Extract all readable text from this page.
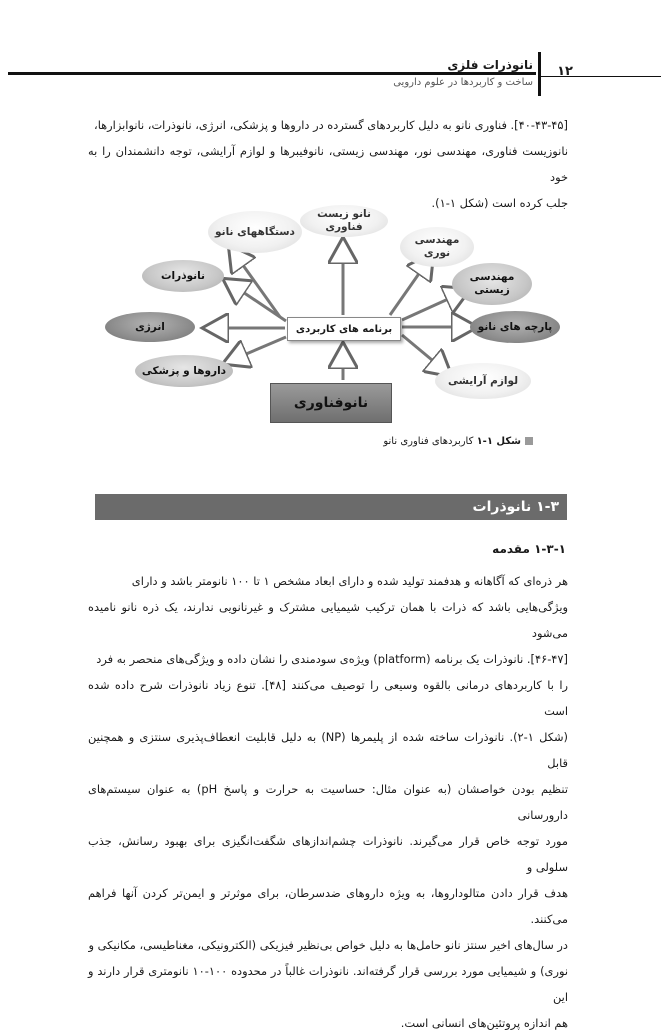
۱۲
نانوذرات فلزی
ساخت و کاربردها در علوم دارویی

[۴۰-۴۳-۴۵]. فناوری نانو به دلیل کاربردهای گسترده در داروها و پزشکی، انرژی، نانوذرات، نانوابزارها،

نانوزیست فناوری، مهندسی نور، مهندسی زیستی، نانوفیبرها و لوازم آرایشی، توجه دانشمندان را به خود

جلب کرده است (شکل ۱-۱).

دستگاههای نانو
نانو زیست فناوری
مهندسی نوری
مهندسی زیستی
پارچه های نانو
لوازم آرایشی
داروها و پزشکی
انرژی
نانوذرات
برنامه های کاربردی
نانوفناوری
شکل ۱-۱ کاربردهای فناوری نانو
۱-۳ نانوذرات
۱-۳-۱ مقدمه

هر ذره‌ای که آگاهانه و هدفمند تولید شده و دارای ابعاد مشخص ۱ تا ۱۰۰ نانومتر باشد و دارای

ویژگی‌هایی باشد که ذرات با همان ترکیب شیمیایی مشترک و غیرنانویی ندارند، یک ذره نانو نامیده می‌شود

[۴۶-۴۷]. نانوذرات یک برنامه (platform) ویژه‌ی سودمندی را نشان داده و ویژگی‌های منحصر به فرد

را با کاربردهای درمانی بالقوه وسیعی را توصیف می‌کنند [۴۸]. تنوع زیاد نانوذرات شرح داده شده است

(شکل ۱-۲). نانوذرات ساخته شده از پلیمرها (NP) به دلیل قابلیت انعطاف‌پذیری سنتزی و همچنین قابل

تنظیم بودن خواصشان (به عنوان مثال: حساسیت به حرارت و پاسخ pH) به عنوان سیستم‌های دارورسانی

مورد توجه خاص قرار می‌گیرند. نانوذرات چشم‌اندازهای شگفت‌انگیزی برای بهبود رسانش، جذب سلولی و

هدف قرار دادن متالوداروها، به ویژه داروهای ضدسرطان، برای موثرتر و ایمن‌تر کردن آنها فراهم می‌کنند.

در سال‌های اخیر سنتز نانو حامل‌ها به دلیل خواص بی‌نظیر فیزیکی (الکترونیکی، مغناطیسی، مکانیکی و

نوری) و شیمیایی مورد بررسی قرار گرفته‌اند. نانوذرات غالباً در محدوده ۱۰۰-۱۰ نانومتری قرار دارند و این

هم اندازه پروتئین‌های انسانی است.
